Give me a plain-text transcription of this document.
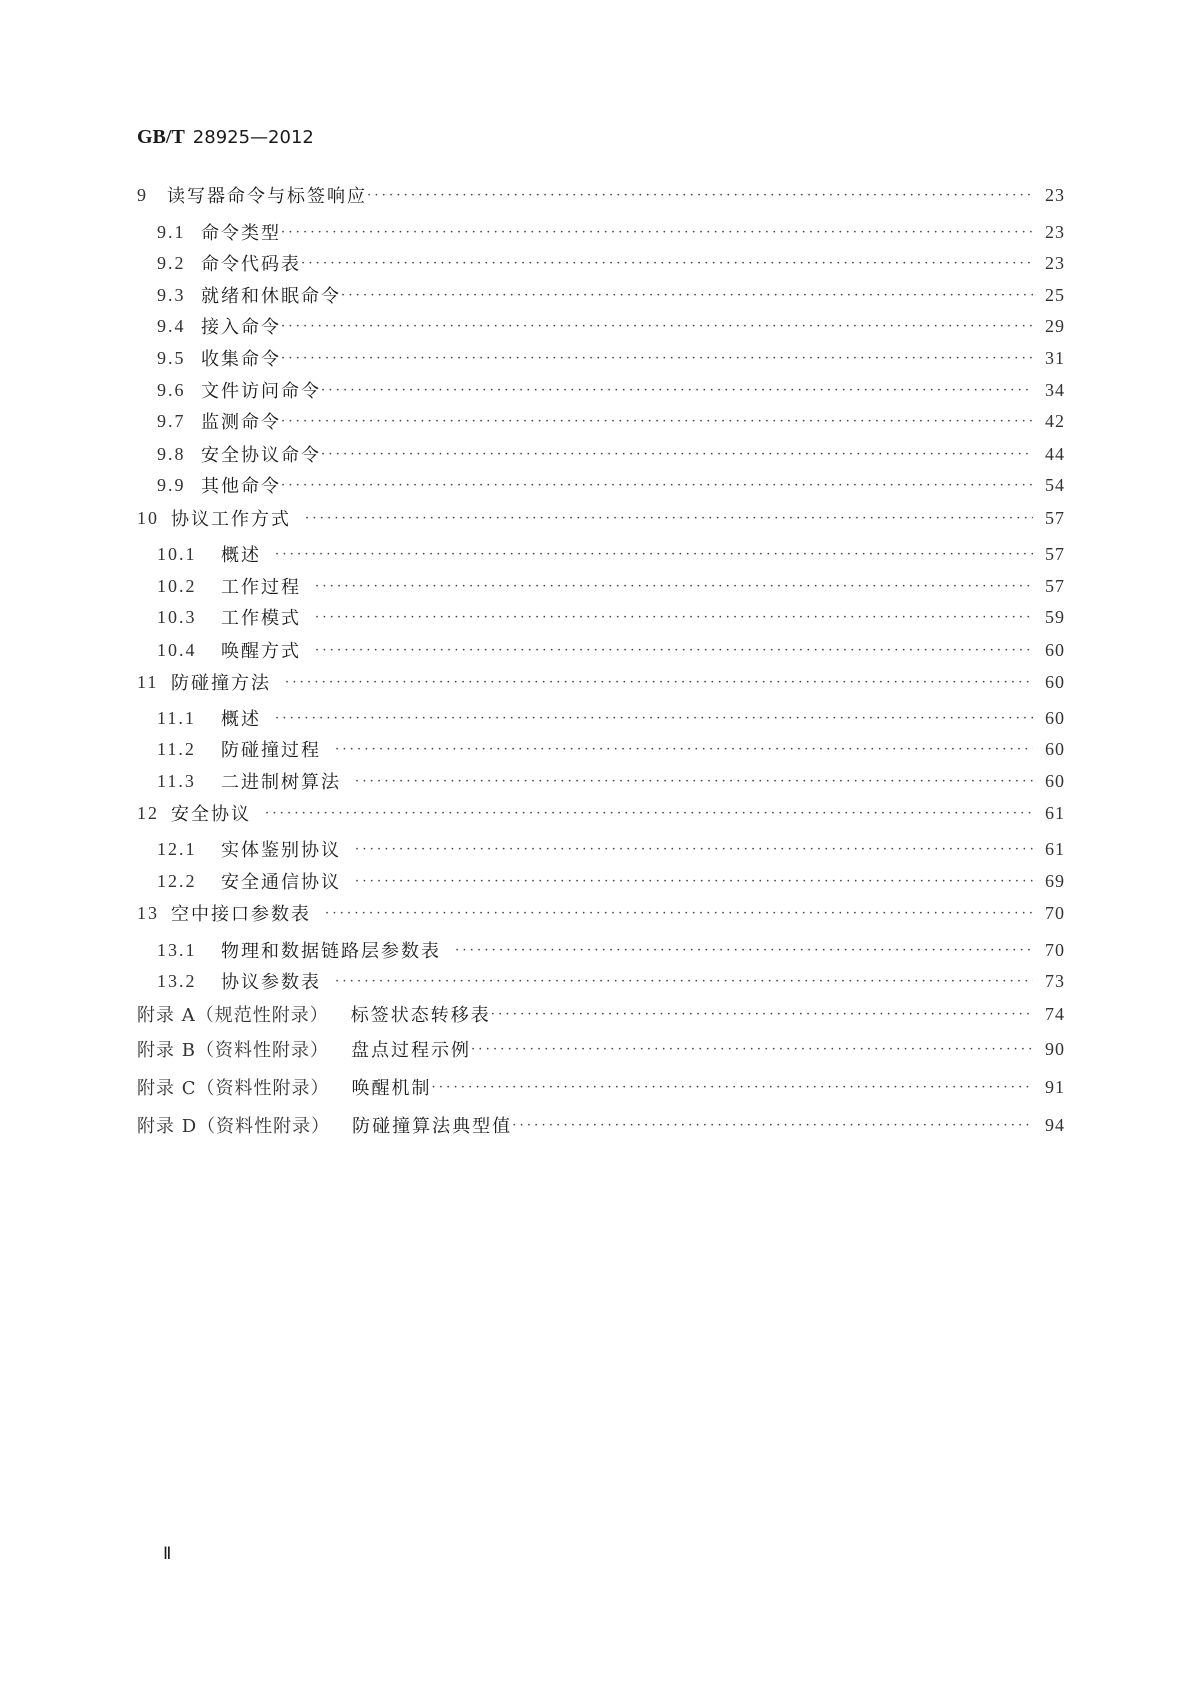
GB/T 28925—2012
9	读写器命令与标签响应 ·····	23
9.1 命令类型 ·····	23
9.2 命令代码表 ·····	23
9.3 就绪和休眠命令 ·····	25
9.4 接入命令 ·····	29
9.5 收集命令 ·····	31
9.6 文件访问命令 ·····	34
9.7 监测命令 ·····	42
9.8 安全协议命令 ·····	44
9.9 其他命令 ·····	54
10 协议工作方式 ·····	57
10.1	概述 ·····	57
10.2	工作过程 ·····	57
10.3	工作模式 ·····	59
10.4	唤醒方式 ·····	60
11 防碰撞方法 ·····	60
11.1	概述 ·····	60
11.2	防碰撞过程 ·····	60
11.3	二进制树算法 ·····	60
12 安全协议 ·····	61
12.1	实体鉴别协议 ·····	61
12.2	安全通信协议 ·····	69
13 空中接口参数表 ·····	70
13.1	物理和数据链路层参数表 ·····	70
13.2	协议参数表 ·····	73
附录 A（规范性附录） 标签状态转移表 ·····	74
附录 B（资料性附录） 盘点过程示例 ·····	90
附录 C（资料性附录） 唤醒机制 ·····	91
附录 D（资料性附录） 防碰撞算法典型值 ·····	94
Ⅱ
